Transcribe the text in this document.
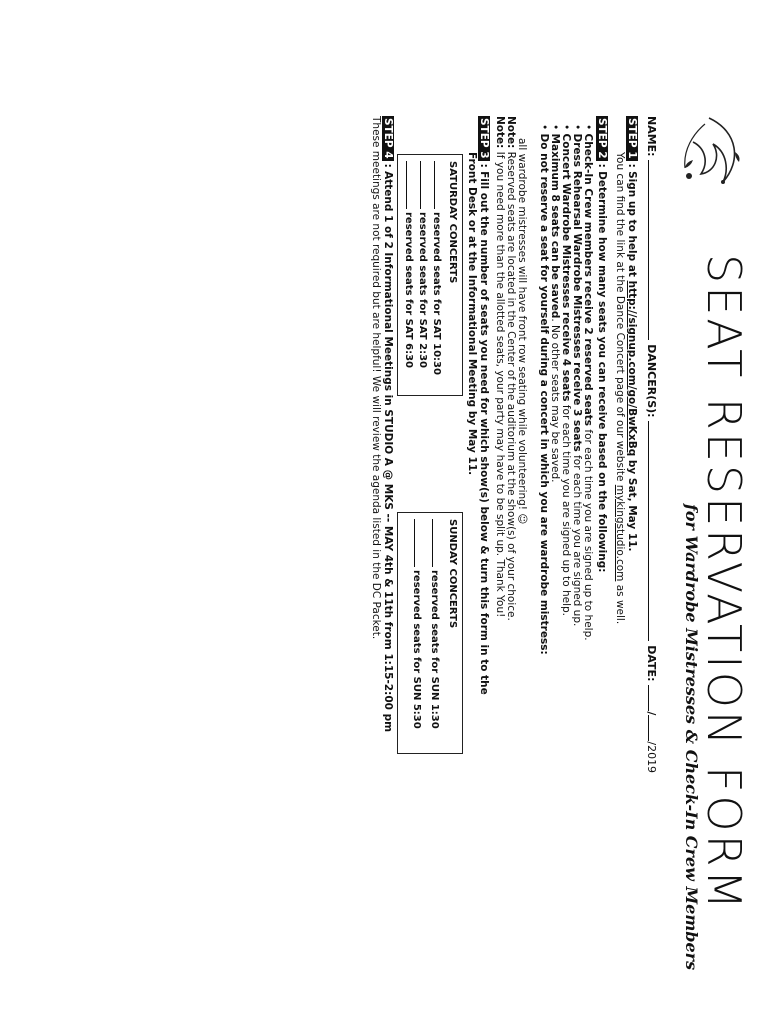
SEAT RESERVATION FORM
for Wardrobe Mistresses & Check-In Crew Members
NAME:  DANCER(S):  DATE: //2019
STEP 1: Sign up to help at http://signup.com/go/BwKxBq by Sat, May 11.
You can find the link at the Dance Concert page of our website mykingstudio.com as well.
STEP 2: Determine how many seats you can receive based on the following:
• Check-In Crew members receive 2 reserved seats for each time you are signed up to help.
• Dress Rehearsal Wardrobe Mistresses receive 3 seats for each time you are signed up.
• Concert Wardrobe Mistresses receive 4 seats for each time you are signed up to help.
• Maximum 8 seats can be saved. No other seats may be saved.
• Do not reserve a seat for yourself during a concert in which you are wardrobe mistress:
all wardrobe mistresses will have front row seating while volunteering! ☺
Note: Reserved seats are located in the Center of the auditorium at the show(s) of your choice.
Note: If you need more than the allotted seats, your party may have to be split up. Thank You!
STEP 3: Fill out the number of seats you need for which show(s) below & turn this form in to the
Front Desk or at the Informational Meeting by May 11.
SATURDAY CONCERTS
reserved seats for SAT 10:30
reserved seats for SAT 2:30
reserved seats for SAT 6:30
SUNDAY CONCERTS
reserved seats for SUN 1:30
reserved seats for SUN 5:30
STEP 4: Attend 1 of 2 Informational Meetings in STUDIO A @ MKS -- MAY 4th & 11th from 1:15-2:00 pm
These meetings are not required but are helpful! We will review the agenda listed in the DC Packet.
